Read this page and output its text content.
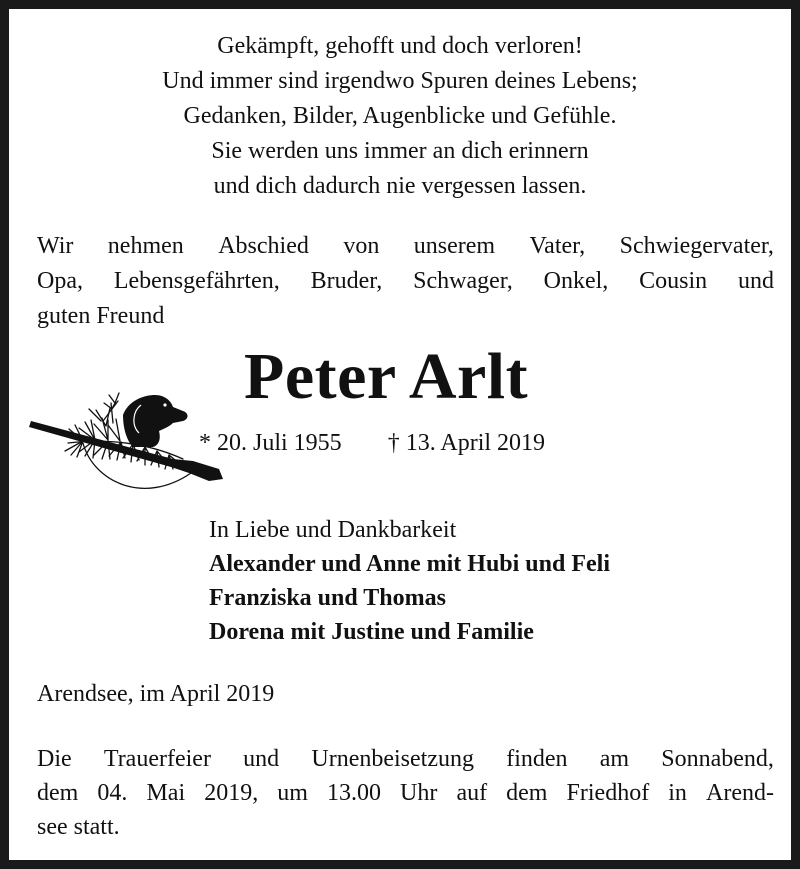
Gekämpft, gehofft und doch verloren!
Und immer sind irgendwo Spuren deines Lebens;
Gedanken, Bilder, Augenblicke und Gefühle.
Sie werden uns immer an dich erinnern
und dich dadurch nie vergessen lassen.
Wir nehmen Abschied von unserem Vater, Schwiegervater,
Opa, Lebensgefährten, Bruder, Schwager, Onkel, Cousin und
guten Freund
Peter Arlt
* 20. Juli 1955 † 13. April 2019
In Liebe und Dankbarkeit
Alexander und Anne mit Hubi und Feli
Franziska und Thomas
Dorena mit Justine und Familie
Arendsee, im April 2019
Die Trauerfeier und Urnenbeisetzung finden am Sonnabend,
dem 04. Mai 2019, um 13.00 Uhr auf dem Friedhof in Arend-
see statt.
